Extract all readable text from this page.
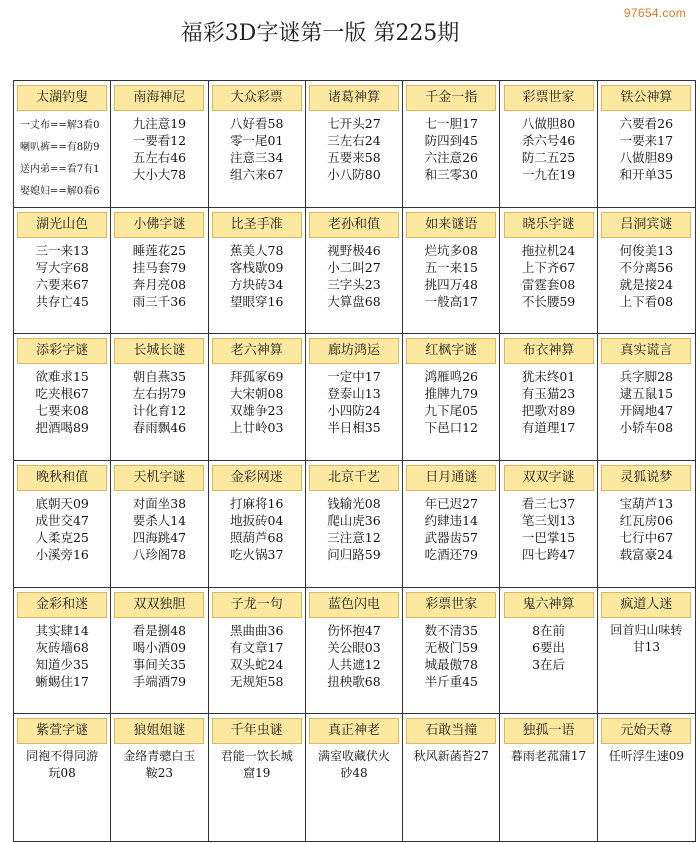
97654.com
福彩3D字谜第一版 第225期
太湖钓叟
一丈布==解3看0
喇叭裤==有8防9
送内弟==看7有1
娶媳妇==解0看6
南海神尼
九注意19
一要看12
五左右46
大小大78
大众彩票
八好看58
零一尾01
注意三34
组六来67
诸葛神算
七开头27
三左右24
五要来58
小八防80
千金一指
七一胆17
防四到45
六注意26
和三零30
彩票世家
八做胆80
杀六号46
防二五25
一九在19
铁公神算
六要看26
一要来17
八做胆89
和开单35
湖光山色
三一来13
写大字68
六要来67
共存亡45
小佛字谜
睡莲花25
挂马套79
奔月亮08
雨三千36
比圣手准
蕉美人78
客栈歇09
方块砖34
望眼穿16
老孙和值
视野极46
小二叫27
三字头23
大算盘68
如来谜语
烂坑多08
五一来15
挑四万48
一般高17
晓乐字谜
拖拉机24
上下齐67
雷霆套08
不长腰59
吕洞宾谜
何俊美13
不分离56
就是接24
上下看08
添彩字谜
欲难求15
吃夹根67
七要来08
把酒喝89
长城长谜
朝自燕35
左右拐79
计化育12
春雨飘46
老六神算
拜孤冢69
大宋朝08
双雄争23
上廿岭03
廊坊鸿运
一定中17
登泰山13
小四防24
半日相35
红枫字谜
鸿雁鸣26
推牌九79
九下尾05
下邑口12
布衣神算
犹未终01
有玉猫23
把歌对89
有道理17
真实谎言
兵字脚28
逮五鼠15
开阔地47
小轿车08
晚秋和值
底朝天09
成世交47
人柔克25
小溪旁16
天机字谜
对面坐38
要杀人14
四海跳47
八珍阁78
金彩网迷
打麻将16
地扳砖04
照葫芦68
吃火锅37
北京千艺
钱输光08
爬山虎36
三注意12
问归路59
日月通谜
年已迟27
约肆违14
武器齿57
吃酒还79
双双字谜
看三七37
笔三划13
一巴掌15
四七跨47
灵狐说梦
宝葫芦13
红瓦房06
七行中67
载富豪24
金彩和迷
其实肆14
灰砖墙68
知道少35
蜥蜴住17
双双独胆
看是捌48
喝小酒09
事间关35
手端酒79
子龙一句
黑曲曲36
有文章17
双头蛇24
无规矩58
蓝色闪电
伤怀抱47
关公眼03
人共遮12
扭秧歌68
彩票世家
数不清35
无极门59
城最傲78
半斤重45
鬼六神算
8在前
6要出
3在后
疯道人迷
回首归山味转
甘13
紫萱字谜
同袍不得同游
玩08
狼姐姐谜
金络青骢白玉
鞍23
千年虫谜
君能一饮长城
窟19
真正神老
满室收藏伏火
砂48
石敢当撞
秋风新菡苔27
独孤一语
暮雨老菰蒲17
元始天尊
任听浮生速09
